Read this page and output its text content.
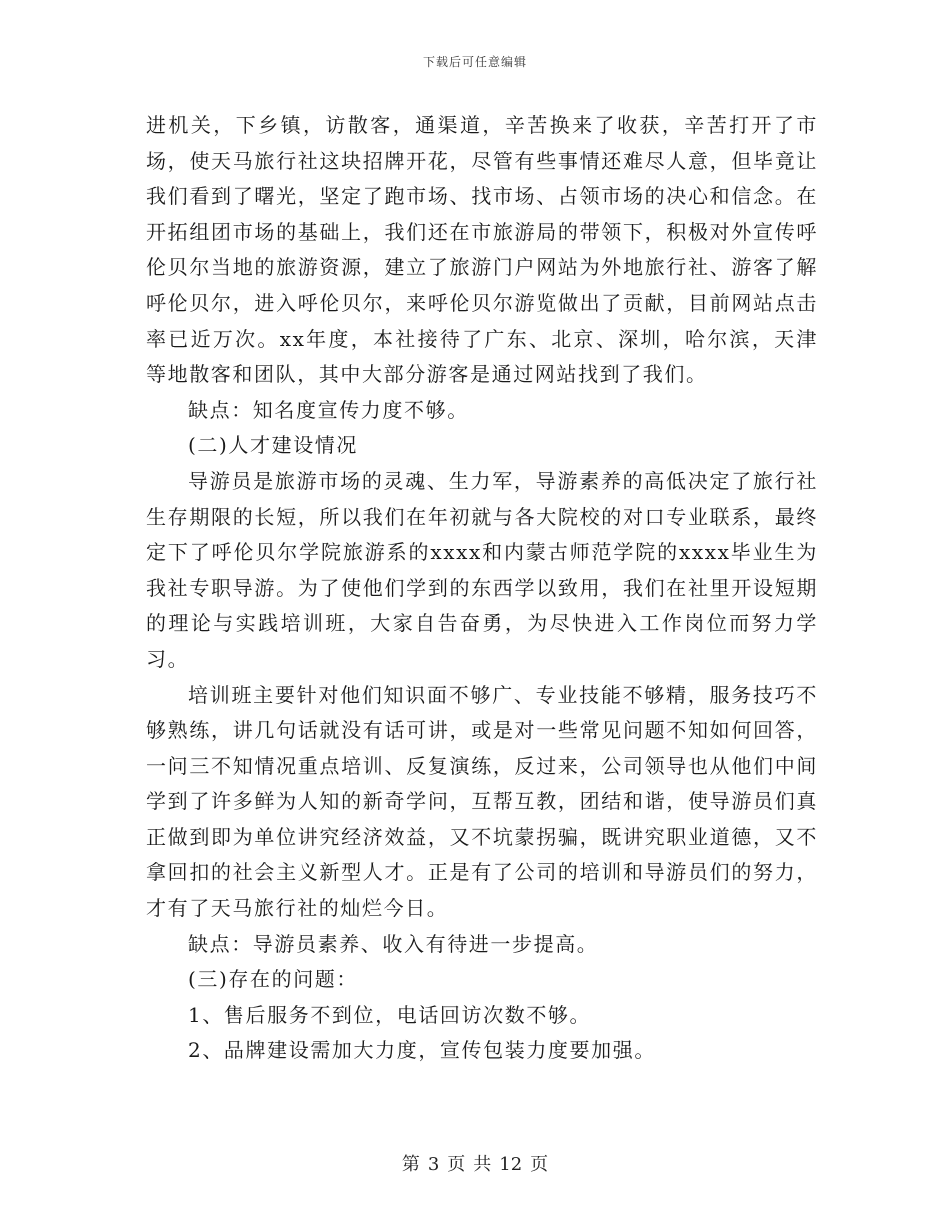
下载后可任意编辑

进机关，下乡镇，访散客，通渠道，辛苦换来了收获，辛苦打开了市场，使天马旅行社这块招牌开花，尽管有些事情还难尽人意，但毕竟让我们看到了曙光，坚定了跑市场、找市场、占领市场的决心和信念。在开拓组团市场的基础上，我们还在市旅游局的带领下，积极对外宣传呼伦贝尔当地的旅游资源，建立了旅游门户网站为外地旅行社、游客了解呼伦贝尔，进入呼伦贝尔，来呼伦贝尔游览做出了贡献，目前网站点击率已近万次。xx年度，本社接待了广东、北京、深圳，哈尔滨，天津等地散客和团队，其中大部分游客是通过网站找到了我们。

缺点：知名度宣传力度不够。

(二)人才建设情况

导游员是旅游市场的灵魂、生力军，导游素养的高低决定了旅行社生存期限的长短，所以我们在年初就与各大院校的对口专业联系，最终定下了呼伦贝尔学院旅游系的xxxx和内蒙古师范学院的xxxx毕业生为我社专职导游。为了使他们学到的东西学以致用，我们在社里开设短期的理论与实践培训班，大家自告奋勇，为尽快进入工作岗位而努力学习。

培训班主要针对他们知识面不够广、专业技能不够精，服务技巧不够熟练，讲几句话就没有话可讲，或是对一些常见问题不知如何回答，一问三不知情况重点培训、反复演练，反过来，公司领导也从他们中间学到了许多鲜为人知的新奇学问，互帮互教，团结和谐，使导游员们真正做到即为单位讲究经济效益，又不坑蒙拐骗，既讲究职业道德，又不拿回扣的社会主义新型人才。正是有了公司的培训和导游员们的努力，才有了天马旅行社的灿烂今日。

缺点：导游员素养、收入有待进一步提高。

(三)存在的问题：

1、售后服务不到位，电话回访次数不够。

2、品牌建设需加大力度，宣传包装力度要加强。

第 3 页 共 12 页
